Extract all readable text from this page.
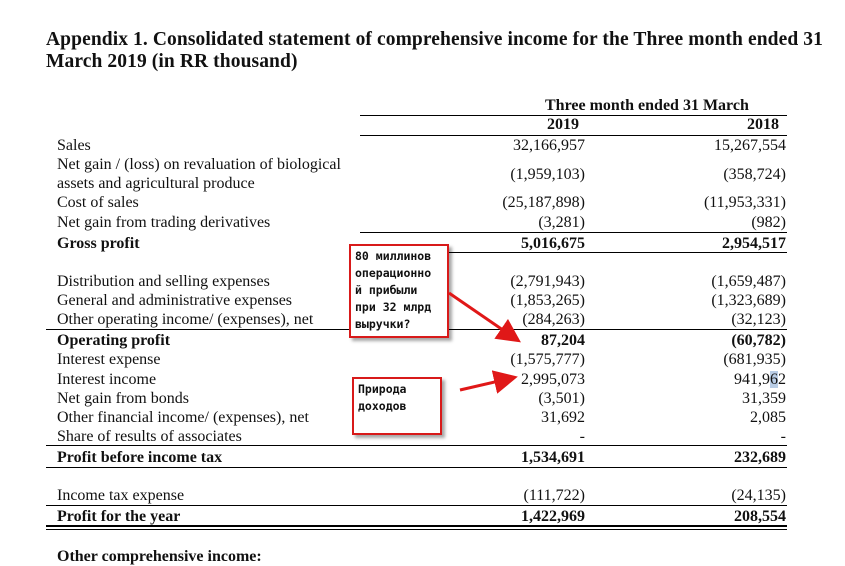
Appendix 1. Consolidated statement of comprehensive income for the Three month ended 31 March 2019 (in RR thousand)
Three month ended 31 March
2019	2018
Sales	32,166,957	15,267,554
Net gain / (loss) on revaluation of biological
assets and agricultural produce
(1,959,103)	(358,724)
Cost of sales	(25,187,898)	(11,953,331)
Net gain from trading derivatives	(3,281)	(982)
Gross profit	5,016,675	2,954,517
Distribution and selling expenses	(2,791,943)	(1,659,487)
General and administrative expenses	(1,853,265)	(1,323,689)
Other operating income/ (expenses), net	(284,263)	(32,123)
Operating profit	87,204	(60,782)
Interest expense	(1,575,777)	(681,935)
Interest income	2,995,073	941,962
Net gain from bonds	(3,501)	31,359
Other financial income/ (expenses), net	31,692	2,085
Share of results of associates	-	-
Profit before income tax	1,534,691	232,689
Income tax expense	(111,722)	(24,135)
Profit for the year	1,422,969	208,554
Other comprehensive income:
80 миллинов
операционно
й прибыли
при 32 млрд
выручки?
Природа
доходов
